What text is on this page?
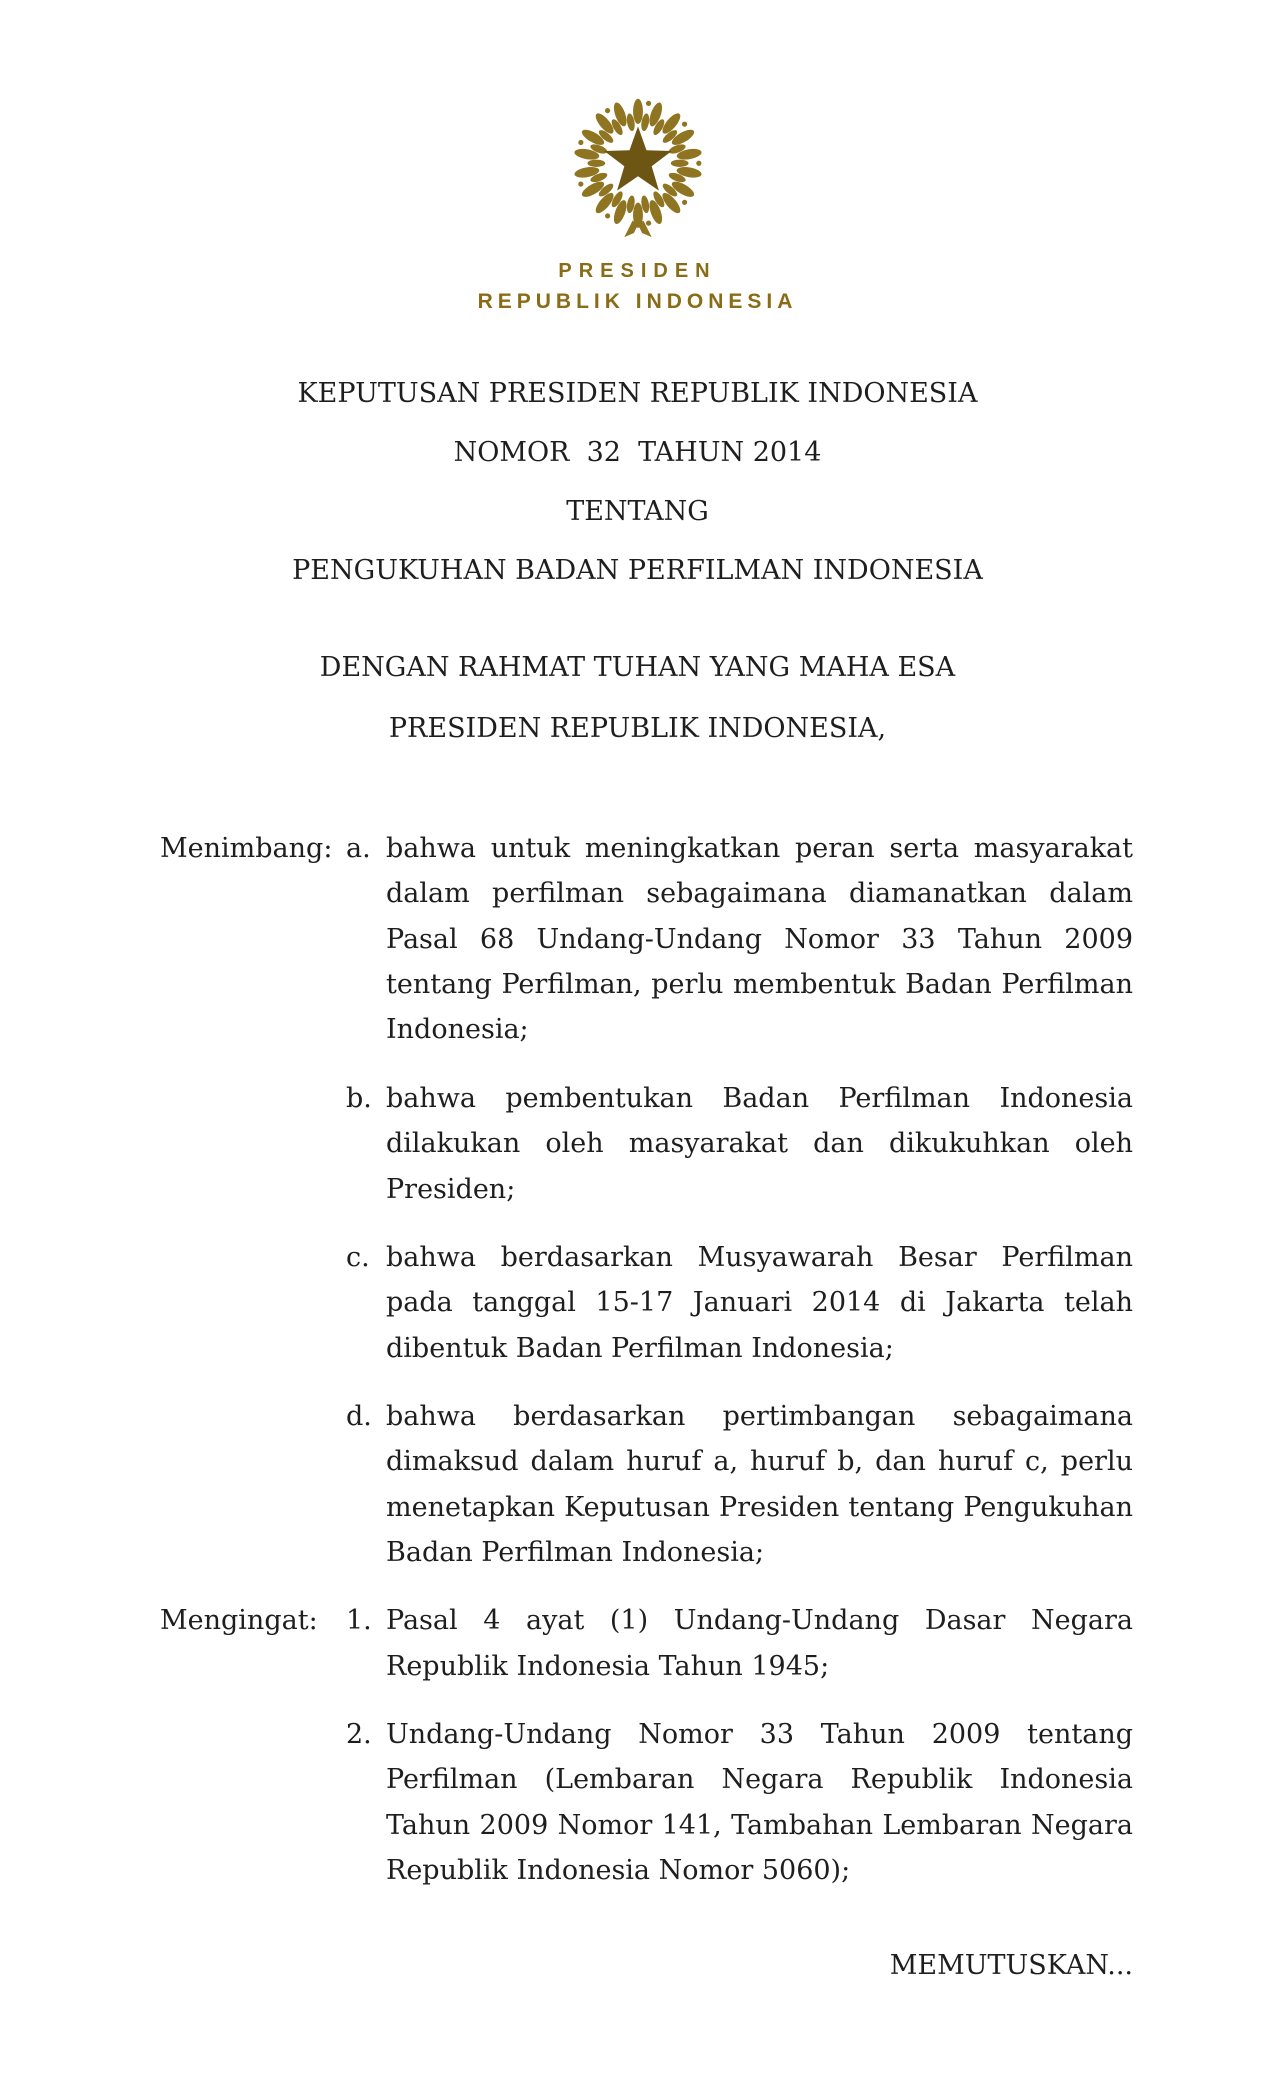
PRESIDEN
REPUBLIK INDONESIA
KEPUTUSAN PRESIDEN REPUBLIK INDONESIA
NOMOR  32  TAHUN 2014
TENTANG
PENGUKUHAN BADAN PERFILMAN INDONESIA
DENGAN RAHMAT TUHAN YANG MAHA ESA
PRESIDEN REPUBLIK INDONESIA,
Menimbang : a. bahwa untuk meningkatkan peran serta masyarakat dalam perfilman sebagaimana diamanatkan dalam Pasal 68 Undang-Undang Nomor 33 Tahun 2009 tentang Perfilman, perlu membentuk Badan Perfilman Indonesia;
b. bahwa pembentukan Badan Perfilman Indonesia dilakukan oleh masyarakat dan dikukuhkan oleh Presiden;
c. bahwa berdasarkan Musyawarah Besar Perfilman pada tanggal 15-17 Januari 2014 di Jakarta telah dibentuk Badan Perfilman Indonesia;
d. bahwa berdasarkan pertimbangan sebagaimana dimaksud dalam huruf a, huruf b, dan huruf c, perlu menetapkan Keputusan Presiden tentang Pengukuhan Badan Perfilman Indonesia;
Mengingat : 1. Pasal 4 ayat (1) Undang-Undang Dasar Negara Republik Indonesia Tahun 1945;
2. Undang-Undang Nomor 33 Tahun 2009 tentang Perfilman (Lembaran Negara Republik Indonesia Tahun 2009 Nomor 141, Tambahan Lembaran Negara Republik Indonesia Nomor 5060);
MEMUTUSKAN...
